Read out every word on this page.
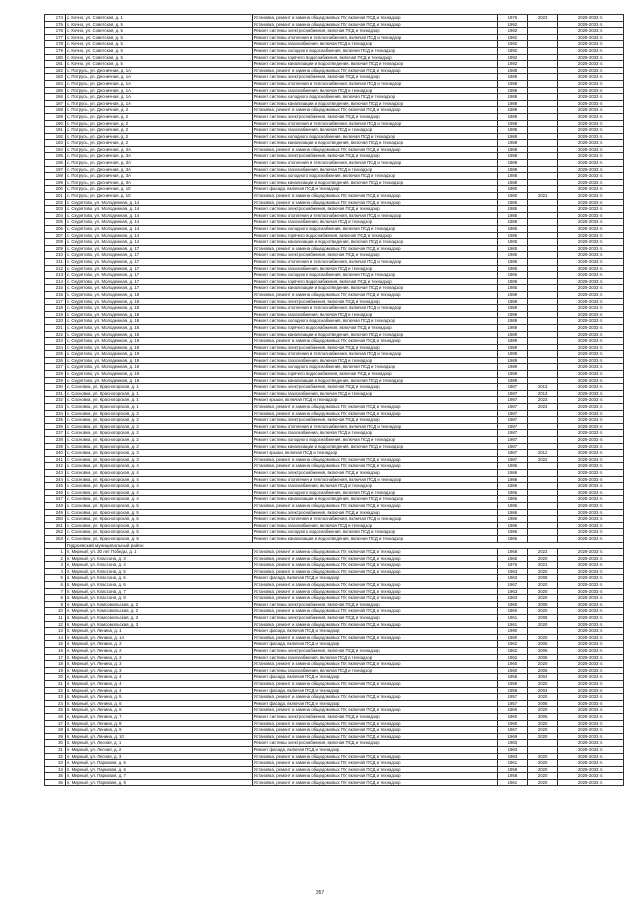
174	с. Кочно, ул. Советская, д. 1	Установка, ремонт и замена общедомовых ПУ, включая ПСД и технадзор	1976	2023	2029-2033 гг.
175	с. Кочно, ул. Советская, д. 5	Установка, ремонт и замена общедомовых ПУ, включая ПСД и технадзор	1992		2029-2033 гг.
176	с. Кочно, ул. Советская, д. 5	Ремонт системы электроснабжения, включая ПСД и технадзор	1992		2029-2033 гг.
177	с. Кочно, ул. Советская, д. 5	Ремонт системы отопления и теплоснабжения, включая ПСД и технадзор	1992		2029-2033 гг.
178	с. Кочно, ул. Советская, д. 5	Ремонт системы газоснабжения, включая ПСД и технадзор	1992		2029-2033 гг.
179	с. Кочно, ул. Советская, д. 5	Ремонт системы холодного водоснабжения, включая ПСД и технадзор	1992		2029-2033 гг.
180	с. Кочно, ул. Советская, д. 5	Ремонт системы горячего водоснабжения, включая ПСД и технадзор	1992		2029-2033 гг.
181	с. Кочно, ул. Советская, д. 5	Ремонт системы канализации и водоотведения, включая ПСД и технадзор	1992		2029-2033 гг.
182	с. Потрусь, ул. Десничная, д. 1А	Установка, ремонт и замена общедомовых ПУ, включая ПСД и технадзор	1988		2029-2033 гг.
183	с. Потрусь, ул. Десничная, д. 1А	Ремонт системы электроснабжения, включая ПСД и технадзор	1988		2029-2033 гг.
184	с. Потрусь, ул. Десничная, д. 1А	Ремонт системы отопления и теплоснабжения, включая ПСД и технадзор	1988		2029-2033 гг.
185	с. Потрусь, ул. Десничная, д. 1А	Ремонт системы газоснабжения, включая ПСД и технадзор	1988		2029-2033 гг.
186	с. Потрусь, ул. Десничная, д. 1А	Ремонт системы холодного водоснабжения, включая ПСД и технадзор	1988		2029-2033 гг.
187	с. Потрусь, ул. Десничная, д. 1А	Ремонт системы канализации и водоотведения, включая ПСД и технадзор	1988		2029-2033 гг.
188	с. Потрусь, ул. Десничная, д. 2	Установка, ремонт и замена общедомовых ПУ, включая ПСД и технадзор	1988		2029-2033 гг.
189	с. Потрусь, ул. Десничная, д. 2	Ремонт системы электроснабжения, включая ПСД и технадзор	1988		2029-2033 гг.
190	с. Потрусь, ул. Десничная, д. 2	Ремонт системы отопления и теплоснабжения, включая ПСД и технадзор	1988		2029-2033 гг.
191	с. Потрусь, ул. Десничная, д. 2	Ремонт системы газоснабжения, включая ПСД и технадзор	1988		2029-2033 гг.
192	с. Потрусь, ул. Десничная, д. 2	Ремонт системы холодного водоснабжения, включая ПСД и технадзор	1988		2029-2033 гг.
193	с. Потрусь, ул. Десничная, д. 2	Ремонт системы канализации и водоотведения, включая ПСД и технадзор	1988		2029-2033 гг.
194	с. Потрусь, ул. Десничная, д. 3А	Установка, ремонт и замена общедомовых ПУ, включая ПСД и технадзор	1988		2029-2033 гг.
195	с. Потрусь, ул. Десничная, д. 3А	Ремонт системы электроснабжения, включая ПСД и технадзор	1988		2029-2033 гг.
196	с. Потрусь, ул. Десничная, д. 3А	Ремонт системы отопления и теплоснабжения, включая ПСД и технадзор	1988		2029-2033 гг.
197	с. Потрусь, ул. Десничная, д. 3А	Ремонт системы газоснабжения, включая ПСД и технадзор	1988		2029-2033 гг.
198	с. Потрусь, ул. Десничная, д. 3А	Ремонт системы холодного водоснабжения, включая ПСД и технадзор	1988		2029-2033 гг.
199	с. Потрусь, ул. Десничная, д. 3А	Ремонт системы канализации и водоотведения, включая ПСД и технадзор	1988		2029-2033 гг.
200	с. Потрусь, ул. Десничная, д. 10	Ремонт фасада, включая ПСД и технадзор	1980		2029-2033 гг.
201	с. Потрусь, ул. Десничная, д. 10	Установка, ремонт и замена общедомовых ПУ, включая ПСД и технадзор	1980	2021	2029-2033 гг.
202	с. Скурятово, ул. Молодежная, д. 14	Установка, ремонт и замена общедомовых ПУ, включая ПСД и технадзор	1985		2029-2033 гг.
203	с. Скурятово, ул. Молодежная, д. 14	Ремонт системы электроснабжения, включая ПСД и технадзор	1985		2029-2033 гг.
204	с. Скурятово, ул. Молодежная, д. 14	Ремонт системы отопления и теплоснабжения, включая ПСД и технадзор	1985		2029-2033 гг.
205	с. Скурятово, ул. Молодежная, д. 14	Ремонт системы газоснабжения, включая ПСД и технадзор	1985		2029-2033 гг.
206	с. Скурятово, ул. Молодежная, д. 14	Ремонт системы холодного водоснабжения, включая ПСД и технадзор	1985		2029-2033 гг.
207	с. Скурятово, ул. Молодежная, д. 14	Ремонт системы горячего водоснабжения, включая ПСД и технадзор	1985		2029-2033 гг.
208	с. Скурятово, ул. Молодежная, д. 14	Ремонт системы канализации и водоотведения, включая ПСД и технадзор	1985		2029-2033 гг.
209	с. Скурятово, ул. Молодежная, д. 17	Установка, ремонт и замена общедомовых ПУ, включая ПСД и технадзор	1985		2029-2033 гг.
210	с. Скурятово, ул. Молодежная, д. 17	Ремонт системы электроснабжения, включая ПСД и технадзор	1985		2029-2033 гг.
211	с. Скурятово, ул. Молодежная, д. 17	Ремонт системы отопления и теплоснабжения, включая ПСД и технадзор	1985		2029-2033 гг.
212	с. Скурятово, ул. Молодежная, д. 17	Ремонт системы газоснабжения, включая ПСД и технадзор	1985		2029-2033 гг.
213	с. Скурятово, ул. Молодежная, д. 17	Ремонт системы холодного водоснабжения, включая ПСД и технадзор	1985		2029-2033 гг.
214	с. Скурятово, ул. Молодежная, д. 17	Ремонт системы горячего водоснабжения, включая ПСД и технадзор	1985		2029-2033 гг.
215	с. Скурятово, ул. Молодежная, д. 17	Ремонт системы канализации и водоотведения, включая ПСД и технадзор	1985		2029-2033 гг.
216	с. Скурятово, ул. Молодежная, д. 18	Установка, ремонт и замена общедомовых ПУ, включая ПСД и технадзор	1989		2029-2033 гг.
217	с. Скурятово, ул. Молодежная, д. 18	Ремонт системы электроснабжения, включая ПСД и технадзор	1989		2029-2033 гг.
218	с. Скурятово, ул. Молодежная, д. 18	Ремонт системы отопления и теплоснабжения, включая ПСД и технадзор	1989		2029-2033 гг.
219	с. Скурятово, ул. Молодежная, д. 18	Ремонт системы газоснабжения, включая ПСД и технадзор	1989		2029-2033 гг.
220	с. Скурятово, ул. Молодежная, д. 18	Ремонт системы холодного водоснабжения, включая ПСД и технадзор	1989		2029-2033 гг.
221	с. Скурятово, ул. Молодежная, д. 18	Ремонт системы горячего водоснабжения, включая ПСД и технадзор	1989		2029-2033 гг.
222	с. Скурятово, ул. Молодежная, д. 18	Ремонт системы канализации и водоотведения, включая ПСД и технадзор	1989		2029-2033 гг.
223	с. Скурятово, ул. Молодежная, д. 19	Установка, ремонт и замена общедомовых ПУ, включая ПСД и технадзор	1989		2029-2033 гг.
224	с. Скурятово, ул. Молодежная, д. 19	Ремонт системы электроснабжения, включая ПСД и технадзор	1989		2029-2033 гг.
225	с. Скурятово, ул. Молодежная, д. 19	Ремонт системы отопления и теплоснабжения, включая ПСД и технадзор	1989		2029-2033 гг.
226	с. Скурятово, ул. Молодежная, д. 19	Ремонт системы газоснабжения, включая ПСД и технадзор	1989		2029-2033 гг.
227	с. Скурятово, ул. Молодежная, д. 19	Ремонт системы холодного водоснабжения, включая ПСД и технадзор	1989		2029-2033 гг.
228	с. Скурятово, ул. Молодежная, д. 19	Ремонт системы горячего водоснабжения, включая ПСД и технадзор	1989		2029-2033 гг.
229	с. Скурятово, ул. Молодежная, д. 19	Ремонт системы канализации и водоотведения, включая ПСД и технадзор	1989		2029-2033 гг.
230	с. Сосновка, ул. Красногорская, д. 1	Ремонт системы электроснабжения, включая ПСД и технадзор	1987	2013	2029-2033 гг.
231	с. Сосновка, ул. Красногорская, д. 1	Ремонт системы газоснабжения, включая ПСД и технадзор	1987	2013	2029-2033 гг.
232	с. Сосновка, ул. Красногорская, д. 1	Ремонт крыши, включая ПСД и технадзор	1987	2023	2029-2033 гг.
233	с. Сосновка, ул. Красногорская, д. 1	Установка, ремонт и замена общедомовых ПУ, включая ПСД и технадзор	1987	2023	2029-2033 гг.
234	с. Сосновка, ул. Красногорская, д. 2	Установка, ремонт и замена общедомовых ПУ, включая ПСД и технадзор	1987		2029-2033 гг.
235	с. Сосновка, ул. Красногорская, д. 2	Ремонт системы электроснабжения, включая ПСД и технадзор	1987		2029-2033 гг.
236	с. Сосновка, ул. Красногорская, д. 2	Ремонт системы отопления и теплоснабжения, включая ПСД и технадзор	1987		2029-2033 гг.
237	с. Сосновка, ул. Красногорская, д. 2	Ремонт системы газоснабжения, включая ПСД и технадзор	1987		2029-2033 гг.
238	с. Сосновка, ул. Красногорская, д. 2	Ремонт системы холодного водоснабжения, включая ПСД и технадзор	1987		2029-2033 гг.
239	с. Сосновка, ул. Красногорская, д. 2	Ремонт системы канализации и водоотведения, включая ПСД и технадзор	1987		2029-2033 гг.
240	с. Сосновка, ул. Красногорская, д. 3	Ремонт крыши, включая ПСД и технадзор	1987	2012	2029-2033 гг.
241	с. Сосновка, ул. Красногорская, д. 3	Установка, ремонт и замена общедомовых ПУ, включая ПСД и технадзор	1987	2022	2029-2033 гг.
242	с. Сосновка, ул. Красногорская, д. 4	Установка, ремонт и замена общедомовых ПУ, включая ПСД и технадзор	1986		2029-2033 гг.
243	с. Сосновка, ул. Красногорская, д. 4	Ремонт системы электроснабжения, включая ПСД и технадзор	1986		2029-2033 гг.
244	с. Сосновка, ул. Красногорская, д. 4	Ремонт системы отопления и теплоснабжения, включая ПСД и технадзор	1986		2029-2033 гг.
245	с. Сосновка, ул. Красногорская, д. 4	Ремонт системы газоснабжения, включая ПСД и технадзор	1986		2029-2033 гг.
246	с. Сосновка, ул. Красногорская, д. 4	Ремонт системы холодного водоснабжения, включая ПСД и технадзор	1986		2029-2033 гг.
247	с. Сосновка, ул. Красногорская, д. 4	Ремонт системы канализации и водоотведения, включая ПСД и технадзор	1986		2029-2033 гг.
248	с. Сосновка, ул. Красногорская, д. 5	Установка, ремонт и замена общедомовых ПУ, включая ПСД и технадзор	1986		2029-2033 гг.
249	с. Сосновка, ул. Красногорская, д. 5	Ремонт системы электроснабжения, включая ПСД и технадзор	1986		2029-2033 гг.
250	с. Сосновка, ул. Красногорская, д. 5	Ремонт системы отопления и теплоснабжения, включая ПСД и технадзор	1986		2029-2033 гг.
251	с. Сосновка, ул. Красногорская, д. 5	Ремонт системы газоснабжения, включая ПСД и технадзор	1986		2029-2033 гг.
252	с. Сосновка, ул. Красногорская, д. 5	Ремонт системы холодного водоснабжения, включая ПСД и технадзор	1986		2029-2033 гг.
253	с. Сосновка, ул. Красногорская, д. 5	Ремонт системы канализации и водоотведения, включая ПСД и технадзор	1986		2029-2033 гг.
	Гидроевский муниципальный район				
1	п. Мирный, ул. 30 лет Победы, д. 1	Установка, ремонт и замена общедомовых ПУ, включая ПСД и технадзор	1968	2023	2029-2033 гг.
2	п. Мирный, ул. Классона, д. 3	Установка, ремонт и замена общедомовых ПУ, включая ПСД и технадзор	1965	2020	2029-2033 гг.
3	п. Мирный, ул. Классона, д. 4	Установка, ремонт и замена общедомовых ПУ, включая ПСД и технадзор	1975	2021	2029-2033 гг.
4	п. Мирный, ул. Классона, д. 5	Установка, ремонт и замена общедомовых ПУ, включая ПСД и технадзор	1963	2020	2029-2033 гг.
5	п. Мирный, ул. Классона, д. 6	Ремонт фасада, включая ПСД и технадзор	1963	2006	2029-2033 гг.
6	п. Мирный, ул. Классона, д. 6	Установка, ремонт и замена общедомовых ПУ, включая ПСД и технадзор	1967	2020	2029-2033 гг.
7	п. Мирный, ул. Классона, д. 7	Установка, ремонт и замена общедомовых ПУ, включая ПСД и технадзор	1963	2020	2029-2033 гг.
8	п. Мирный, ул. Классона, д. 8	Установка, ремонт и замена общедомовых ПУ, включая ПСД и технадзор	1963	2020	2029-2033 гг.
9	п. Мирный, ул. Комсомольская, д. 2	Ремонт системы электроснабжения, включая ПСД и технадзор	1960	2009	2029-2033 гг.
10	п. Мирный, ул. Комсомольская, д. 2	Установка, ремонт и замена общедомовых ПУ, включая ПСД и технадзор	1960	2020	2029-2033 гг.
11	п. Мирный, ул. Комсомольская, д. 3	Ремонт системы электроснабжения, включая ПСД и технадзор	1961	2009	2029-2033 гг.
12	п. Мирный, ул. Комсомольская, д. 3	Установка, ремонт и замена общедомовых ПУ, включая ПСД и технадзор	1961	2020	2029-2033 гг.
13	п. Мирный, ул. Ленина, д. 1	Ремонт фасада, включая ПСД и технадзор	1990		2029-2033 гг.
14	п. Мирный, ул. Ленина, д. 1А	Установка, ремонт и замена общедомовых ПУ, включая ПСД и технадзор	1990	2020	2029-2033 гг.
15	п. Мирный, ул. Ленина, д. 2	Ремонт фасада, включая ПСД и технадзор	1962	2006	2029-2033 гг.
16	п. Мирный, ул. Ленина, д. 2	Ремонт системы электроснабжения, включая ПСД и технадзор	1962	2006	2029-2033 гг.
17	п. Мирный, ул. Ленина, д. 2	Ремонт системы газоснабжения, включая ПСД и технадзор	1962	2006	2029-2033 гг.
18	п. Мирный, ул. Ленина, д. 3	Установка, ремонт и замена общедомовых ПУ, включая ПСД и технадзор	1960	2020	2029-2033 гг.
19	п. Мирный, ул. Ленина, д. 3	Ремонт системы газоснабжения, включая ПСД и технадзор	1960	2005	2029-2033 гг.
20	п. Мирный, ул. Ленина, д. 4	Ремонт фасада, включая ПСД и технадзор	1958	2004	2029-2033 гг.
21	п. Мирный, ул. Ленина, д. 4	Установка, ремонт и замена общедомовых ПУ, включая ПСД и технадзор	1958	2020	2029-2033 гг.
22	п. Мирный, ул. Ленина, д. 4	Ремонт фасада, включая ПСД и технадзор	1958	2004	2029-2033 гг.
23	п. Мирный, ул. Ленина, д. 5	Установка, ремонт и замена общедомовых ПУ, включая ПСД и технадзор	1957	2020	2029-2033 гг.
24	п. Мирный, ул. Ленина, д. 6	Ремонт фасада, включая ПСД и технадзор	1957	2006	2029-2033 гг.
25	п. Мирный, ул. Ленина, д. 6	Установка, ремонт и замена общедомовых ПУ, включая ПСД и технадзор	1960	2020	2029-2033 гг.
26	п. Мирный, ул. Ленина, д. 7	Ремонт системы электроснабжения, включая ПСД и технадзор	1960	2006	2029-2033 гг.
27	п. Мирный, ул. Ленина, д. 8	Установка, ремонт и замена общедомовых ПУ, включая ПСД и технадзор	1960	2020	2029-2033 гг.
28	п. Мирный, ул. Ленина, д. 9	Установка, ремонт и замена общедомовых ПУ, включая ПСД и технадзор	1967	2020	2029-2033 гг.
29	п. Мирный, ул. Ленина, д. 10	Установка, ремонт и замена общедомовых ПУ, включая ПСД и технадзор	1969	2020	2029-2033 гг.
30	п. Мирный, ул. Лесная, д. 1	Ремонт системы электроснабжения, включая ПСД и технадзор	1983		2029-2033 гг.
31	п. Мирный, ул. Лесная, д. 2	Ремонт фасада, включая ПСД и технадзор	1983		2029-2033 гг.
32	п. Мирный, ул. Лесная, д. 3	Установка, ремонт и замена общедомовых ПУ, включая ПСД и технадзор	1983	2020	2029-2033 гг.
33	п. Мирный, ул. Парковая, д. 5	Установка, ремонт и замена общедомовых ПУ, включая ПСД и технадзор	1961	2020	2029-2033 гг.
34	п. Мирный, ул. Парковая, д. 6	Установка, ремонт и замена общедомовых ПУ, включая ПСД и технадзор	1958	2020	2029-2033 гг.
35	п. Мирный, ул. Парковая, д. 7	Установка, ремонт и замена общедомовых ПУ, включая ПСД и технадзор	1958	2020	2029-2033 гг.
36	п. Мирный, ул. Парковая, д. 8	Установка, ремонт и замена общедомовых ПУ, включая ПСД и технадзор	1961	2020	2029-2033 гг.
357
